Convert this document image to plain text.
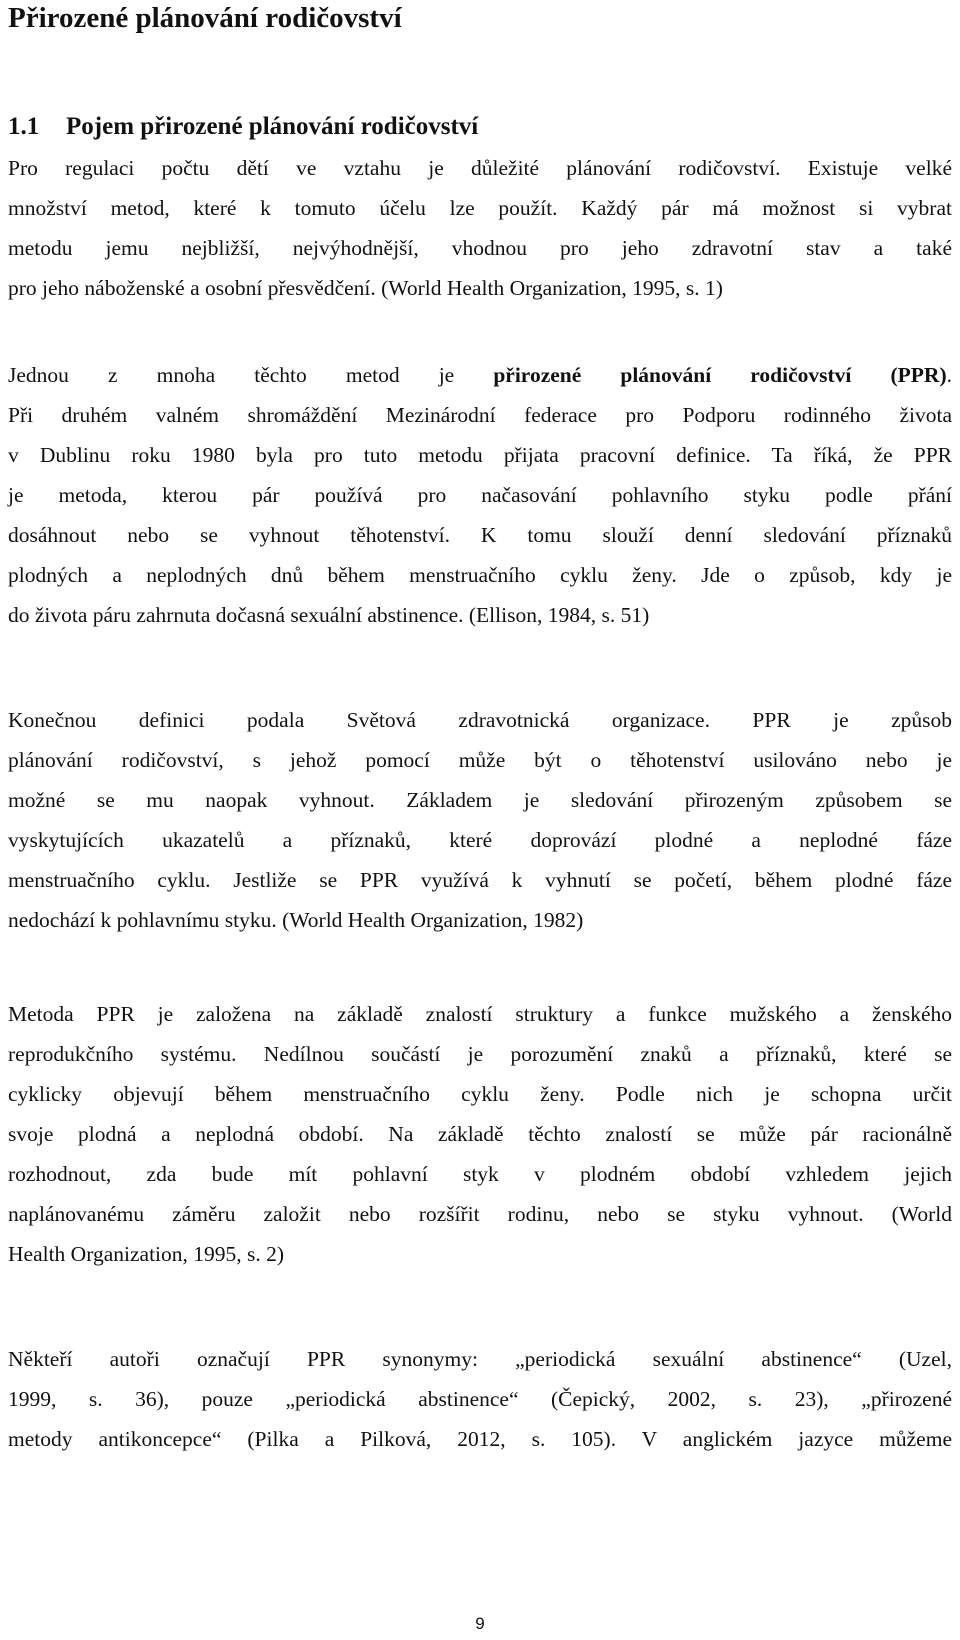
Přirozené plánování rodičovství
1.1 Pojem přirozené plánování rodičovství
Pro regulaci počtu dětí ve vztahu je důležité plánování rodičovství. Existuje velké
množství metod, které k tomuto účelu lze použít. Každý pár má možnost si vybrat
metodu jemu nejbližší, nejvýhodnější, vhodnou pro jeho zdravotní stav a také
pro jeho náboženské a osobní přesvědčení. (World Health Organization, 1995, s. 1)
Jednou z mnoha těchto metod je přirozené plánování rodičovství (PPR).
Při druhém valném shromáždění Mezinárodní federace pro Podporu rodinného života
v Dublinu roku 1980 byla pro tuto metodu přijata pracovní definice. Ta říká, že PPR
je metoda, kterou pár používá pro načasování pohlavního styku podle přání
dosáhnout nebo se vyhnout těhotenství. K tomu slouží denní sledování příznaků
plodných a neplodných dnů během menstruačního cyklu ženy. Jde o způsob, kdy je
do života páru zahrnuta dočasná sexuální abstinence. (Ellison, 1984, s. 51)
Konečnou definici podala Světová zdravotnická organizace. PPR je způsob
plánování rodičovství, s jehož pomocí může být o těhotenství usilováno nebo je
možné se mu naopak vyhnout. Základem je sledování přirozeným způsobem se
vyskytujících ukazatelů a příznaků, které doprovází plodné a neplodné fáze
menstruačního cyklu. Jestliže se PPR využívá k vyhnutí se početí, během plodné fáze
nedochází k pohlavnímu styku. (World Health Organization, 1982)
Metoda PPR je založena na základě znalostí struktury a funkce mužského a ženského
reprodukčního systému. Nedílnou součástí je porozumění znaků a příznaků, které se
cyklicky objevují během menstruačního cyklu ženy. Podle nich je schopna určit
svoje plodná a neplodná období. Na základě těchto znalostí se může pár racionálně
rozhodnout, zda bude mít pohlavní styk v plodném období vzhledem jejich
naplánovanému záměru založit nebo rozšířit rodinu, nebo se styku vyhnout. (World
Health Organization, 1995, s. 2)
Někteří autoři označují PPR synonymy: „periodická sexuální abstinence“ (Uzel,
1999, s. 36), pouze „periodická abstinence“ (Čepický, 2002, s. 23), „přirozené
metody antikoncepce“ (Pilka a Pilková, 2012, s. 105). V anglickém jazyce můžeme
9
